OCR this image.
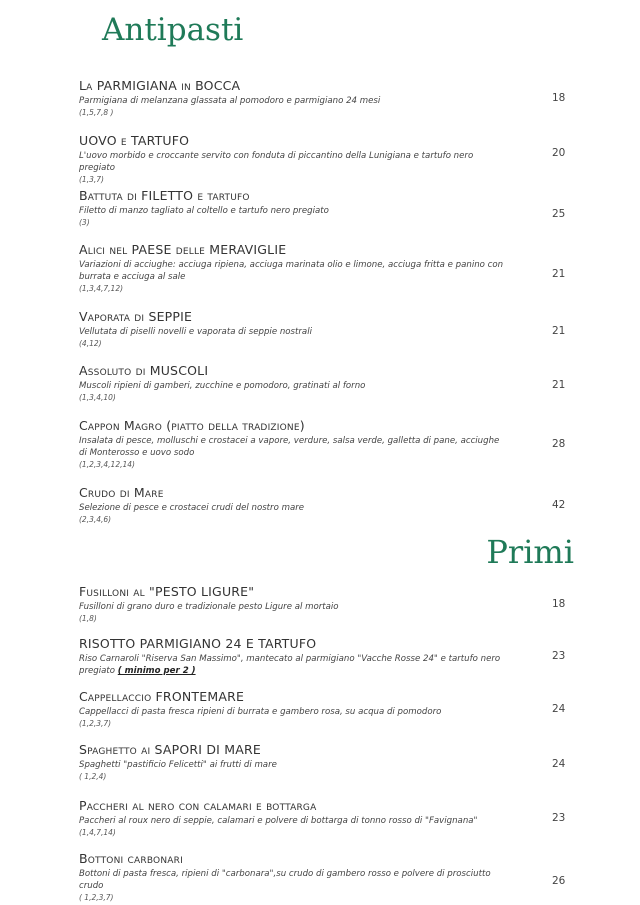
Antipasti
Primi
La PARMIGIANA in BOCCA
Parmigiana di melanzana glassata al pomodoro e parmigiano 24 mesi
(1,5,7,8 )
18
UOVO e TARTUFO
L'uovo morbido e croccante servito con fonduta di piccantino della Lunigiana e tartufo nero pregiato
(1,3,7)
20
Battuta di FILETTO e tartufo
Filetto di manzo tagliato al coltello e tartufo nero pregiato
(3)
25
Alici nel PAESE delle MERAVIGLIE
Variazioni di acciughe: acciuga ripiena, acciuga marinata olio e limone, acciuga fritta e panino con burrata e acciuga al sale
(1,3,4,7,12)
21
Vaporata di SEPPIE
Vellutata di piselli novelli e vaporata di seppie nostrali
(4,12)
21
Assoluto di MUSCOLI
Muscoli ripieni di gamberi, zucchine e pomodoro, gratinati al forno
(1,3,4,10)
21
Cappon Magro (piatto della tradizione)
Insalata di pesce, molluschi e crostacei a vapore, verdure, salsa verde, galletta di pane, acciughe di Monterosso e uovo sodo
(1,2,3,4,12,14)
28
Crudo di Mare
Selezione di pesce e crostacei crudi del nostro mare
(2,3,4,6)
42
Fusilloni al "PESTO LIGURE"
Fusilloni di grano duro e tradizionale pesto Ligure al mortaio
(1,8)
18
RISOTTO PARMIGIANO 24 E TARTUFO
Riso Carnaroli "Riserva San Massimo", mantecato al parmigiano "Vacche Rosse 24" e tartufo nero pregiato ( minimo per 2 )
23
Cappellaccio FRONTEMARE
Cappellacci di pasta fresca ripieni di burrata e gambero rosa, su acqua di pomodoro
(1,2,3,7)
24
Spaghetto ai SAPORI DI MARE
Spaghetti "pastificio Felicetti" ai frutti di mare
( 1,2,4)
24
Paccheri al nero con calamari e bottarga
Paccheri al roux nero di seppie, calamari e polvere di bottarga di tonno rosso di "Favignana"
(1,4,7,14)
23
Bottoni carbonari
Bottoni di pasta fresca, ripieni di "carbonara",su crudo di gambero rosso e polvere di prosciutto crudo
( 1,2,3,7)
26
